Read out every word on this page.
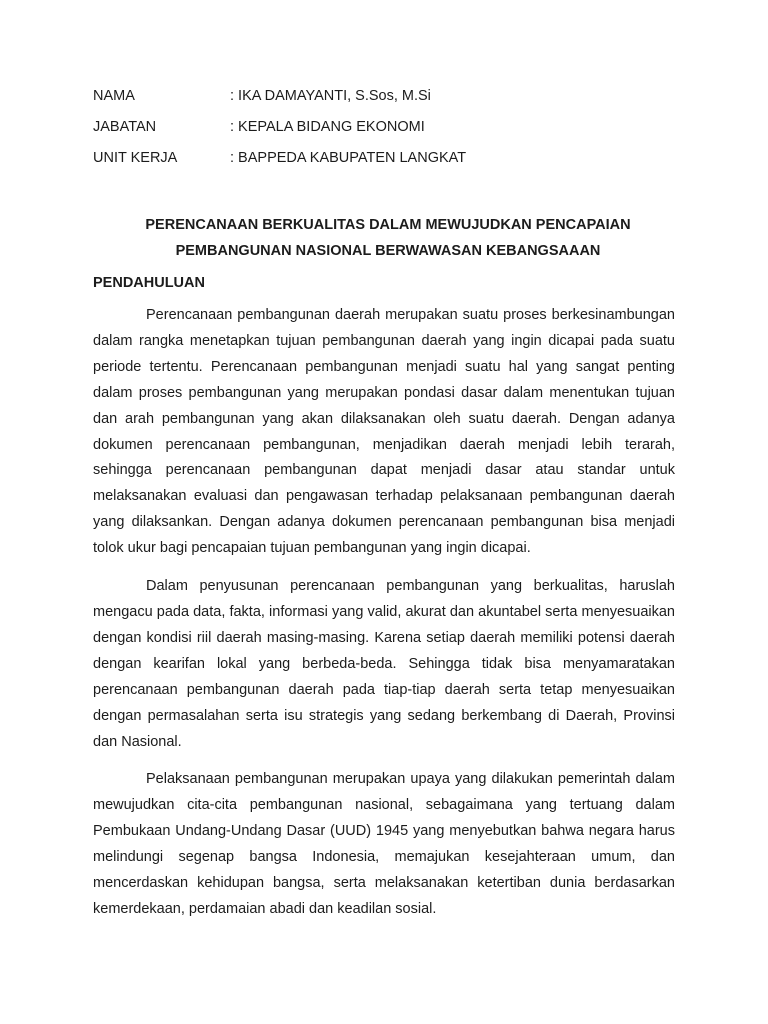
NAMA	: IKA DAMAYANTI, S.Sos, M.Si
JABATAN	: KEPALA BIDANG EKONOMI
UNIT KERJA	: BAPPEDA KABUPATEN LANGKAT
PERENCANAAN BERKUALITAS DALAM MEWUJUDKAN PENCAPAIAN
PEMBANGUNAN NASIONAL BERWAWASAN KEBANGSAAAN
PENDAHULUAN

Perencanaan pembangunan daerah merupakan suatu proses berkesinambungan dalam rangka menetapkan tujuan pembangunan daerah yang ingin dicapai pada suatu periode tertentu. Perencanaan pembangunan menjadi suatu hal yang sangat penting dalam proses pembangunan yang merupakan pondasi dasar dalam menentukan tujuan dan arah pembangunan yang akan dilaksanakan oleh suatu daerah. Dengan adanya dokumen perencanaan pembangunan, menjadikan daerah menjadi lebih terarah, sehingga perencanaan pembangunan dapat menjadi dasar atau standar untuk melaksanakan evaluasi dan pengawasan terhadap pelaksanaan pembangunan daerah yang dilaksankan. Dengan adanya dokumen perencanaan pembangunan bisa menjadi tolok ukur bagi pencapaian tujuan pembangunan yang ingin dicapai.

Dalam penyusunan perencanaan pembangunan yang berkualitas, haruslah mengacu pada data, fakta, informasi yang valid, akurat dan akuntabel serta menyesuaikan dengan kondisi riil daerah masing-masing. Karena setiap daerah memiliki potensi daerah dengan kearifan lokal yang berbeda-beda. Sehingga tidak bisa menyamaratakan perencanaan pembangunan daerah pada tiap-tiap daerah serta tetap menyesuaikan dengan permasalahan serta isu strategis yang sedang berkembang di Daerah, Provinsi dan Nasional.

Pelaksanaan pembangunan merupakan upaya yang dilakukan pemerintah dalam mewujudkan cita-cita pembangunan nasional, sebagaimana yang tertuang dalam Pembukaan Undang-Undang Dasar (UUD) 1945 yang menyebutkan bahwa negara harus melindungi segenap bangsa Indonesia, memajukan kesejahteraan umum, dan mencerdaskan kehidupan bangsa, serta melaksanakan ketertiban dunia berdasarkan kemerdekaan, perdamaian abadi dan keadilan sosial.
